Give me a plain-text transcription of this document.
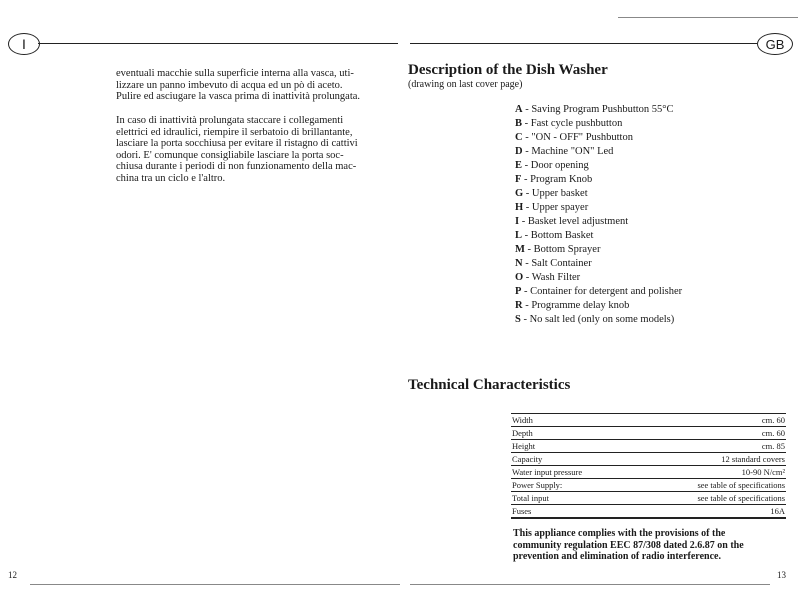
I
eventuali macchie sulla superficie interna alla vasca, uti-
lizzare un panno imbevuto di acqua ed un pò di aceto.
Pulire ed asciugare la vasca prima di inattività prolungata.
In caso di inattività prolungata staccare i collegamenti
elettrici ed idraulici, riempire il serbatoio di brillantante,
lasciare la porta socchiusa per evitare il ristagno di cattivi
odori. E' comunque consigliabile lasciare la porta soc-
chiusa durante i periodi di non funzionamento della mac-
china tra un ciclo e l'altro.
12
GB
Description of the Dish Washer
(drawing on last cover page)
A - Saving Program Pushbutton 55°C
B - Fast cycle pushbutton
C - "ON - OFF" Pushbutton
D - Machine "ON" Led
E - Door opening
F - Program Knob
G - Upper basket
H - Upper spayer
I - Basket level adjustment
L - Bottom Basket
M - Bottom Sprayer
N - Salt Container
O - Wash Filter
P - Container for detergent and polisher
R - Programme delay knob
S - No salt led (only on some models)
Technical Characteristics
Width	cm. 60
Depth	cm. 60
Height	cm. 85
Capacity	12 standard covers
Water input pressure	10-90 N/cm²
Power Supply:	see table of specifications
Total input	see table of specifications
Fuses	16A
This appliance complies with the provisions of the
community regulation EEC 87/308 dated 2.6.87 on the
prevention and elimination of radio interference.
13
